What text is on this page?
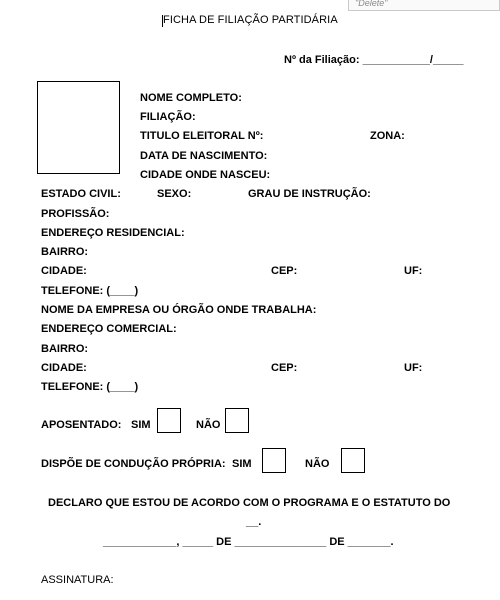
"Delete"
FICHA DE FILIAÇÃO PARTIDÁRIA
Nº da Filiação: ___________/_____
NOME COMPLETO:
FILIAÇÃO:
TITULO ELEITORAL Nº:	ZONA:
DATA DE NASCIMENTO:
CIDADE ONDE NASCEU:
ESTADO CIVIL:	SEXO:	GRAU DE INSTRUÇÃO:
PROFISSÃO:
ENDEREÇO RESIDENCIAL:
BAIRRO:
CIDADE:	CEP:	UF:
TELEFONE: (____)
NOME DA EMPRESA OU ÓRGÃO ONDE TRABALHA:
ENDEREÇO COMERCIAL:
BAIRRO:
CIDADE:	CEP:	UF:
TELEFONE: (____)
APOSENTADO: SIM	NÃO
DISPÕE DE CONDUÇÃO PRÓPRIA: SIM	NÃO
DECLARO QUE ESTOU DE ACORDO COM O PROGRAMA E O ESTATUTO DO
__.
____________, _____ DE _______________ DE _______.
ASSINATURA:
